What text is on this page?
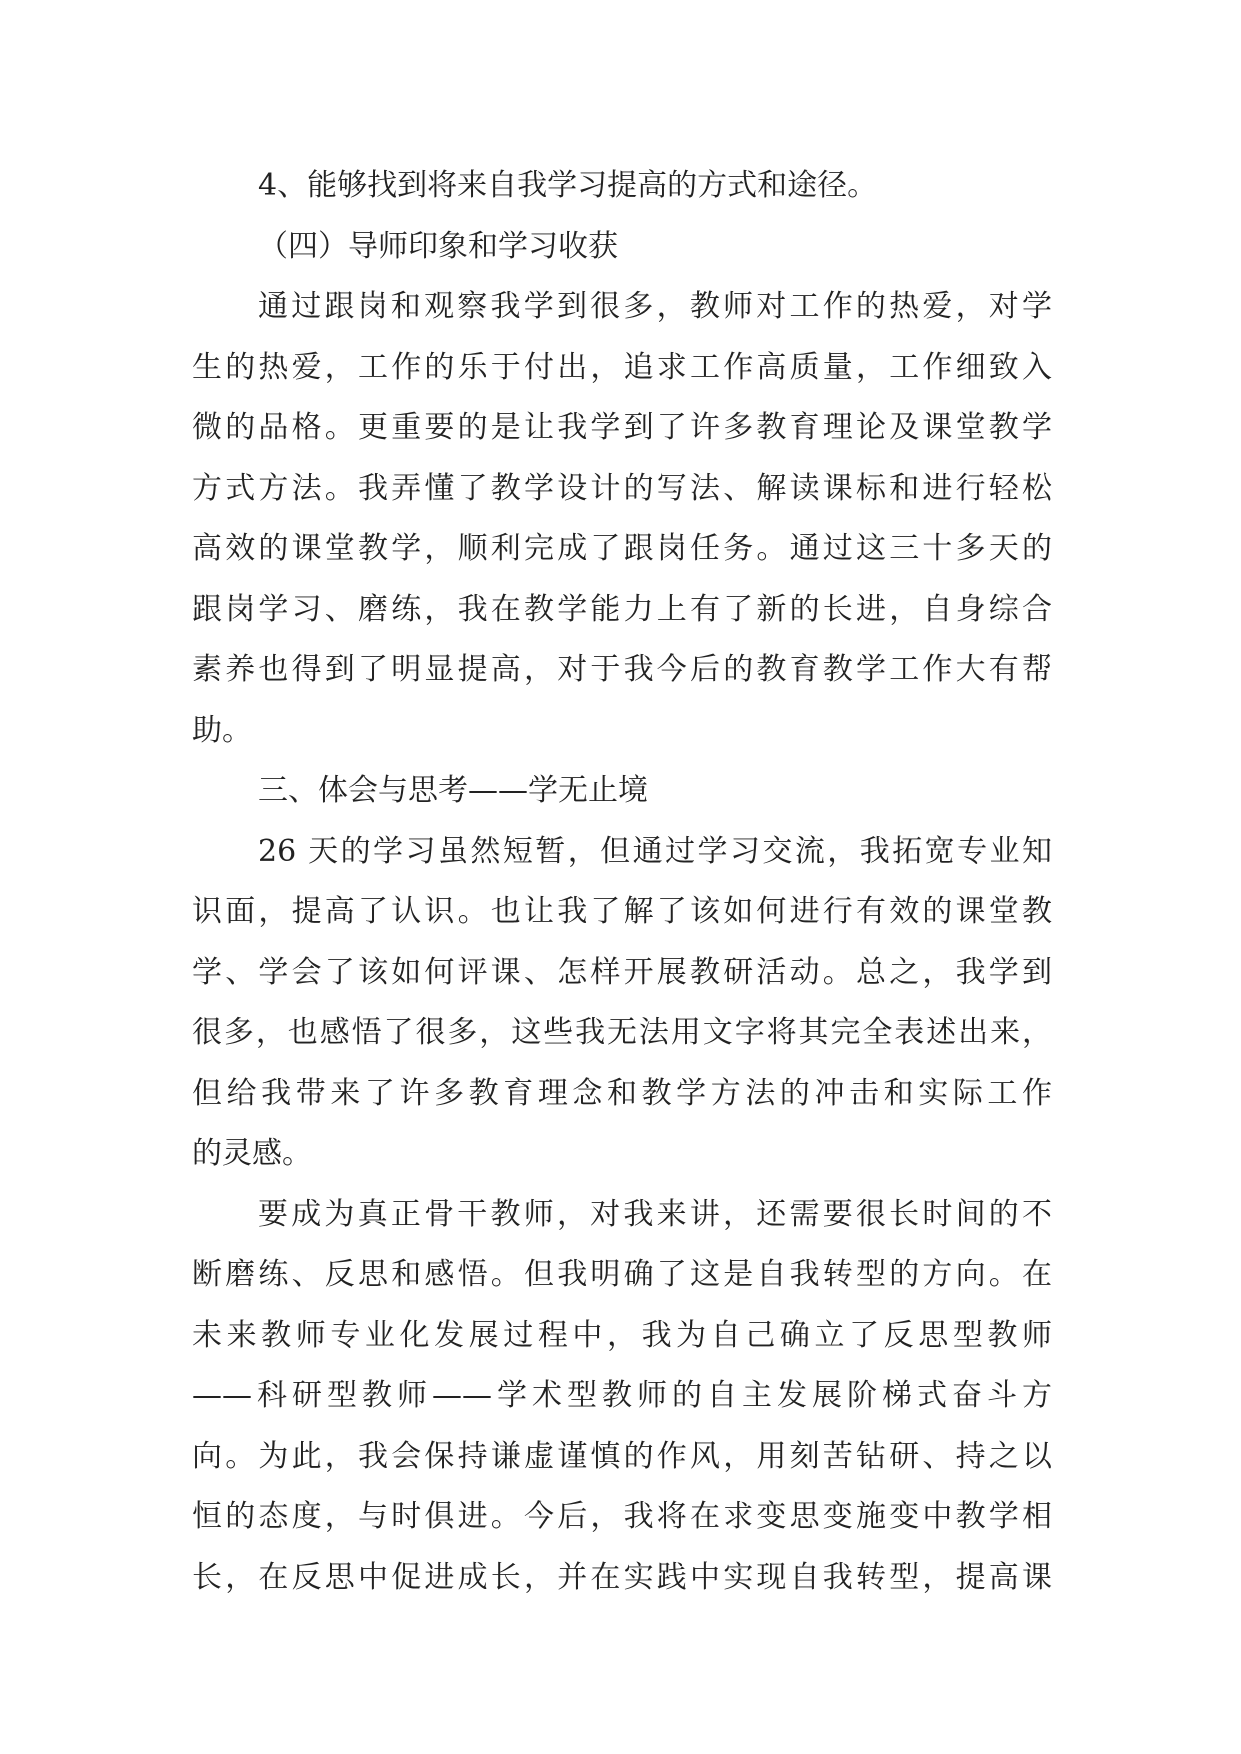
4、能够找到将来自我学习提高的方式和途径。
（四）导师印象和学习收获
通过跟岗和观察我学到很多，教师对工作的热爱，对学
生的热爱，工作的乐于付出，追求工作高质量，工作细致入
微的品格。更重要的是让我学到了许多教育理论及课堂教学
方式方法。我弄懂了教学设计的写法、解读课标和进行轻松
高效的课堂教学，顺利完成了跟岗任务。通过这三十多天的
跟岗学习、磨练，我在教学能力上有了新的长进，自身综合
素养也得到了明显提高，对于我今后的教育教学工作大有帮
助。
三、体会与思考——学无止境
26 天的学习虽然短暂，但通过学习交流，我拓宽专业知
识面，提高了认识。也让我了解了该如何进行有效的课堂教
学、学会了该如何评课、怎样开展教研活动。总之，我学到
很多，也感悟了很多，这些我无法用文字将其完全表述出来，
但给我带来了许多教育理念和教学方法的冲击和实际工作
的灵感。
要成为真正骨干教师，对我来讲，还需要很长时间的不
断磨练、反思和感悟。但我明确了这是自我转型的方向。在
未来教师专业化发展过程中，我为自己确立了反思型教师
——科研型教师——学术型教师的自主发展阶梯式奋斗方
向。为此，我会保持谦虚谨慎的作风，用刻苦钻研、持之以
恒的态度，与时俱进。今后，我将在求变思变施变中教学相
长，在反思中促进成长，并在实践中实现自我转型，提高课
